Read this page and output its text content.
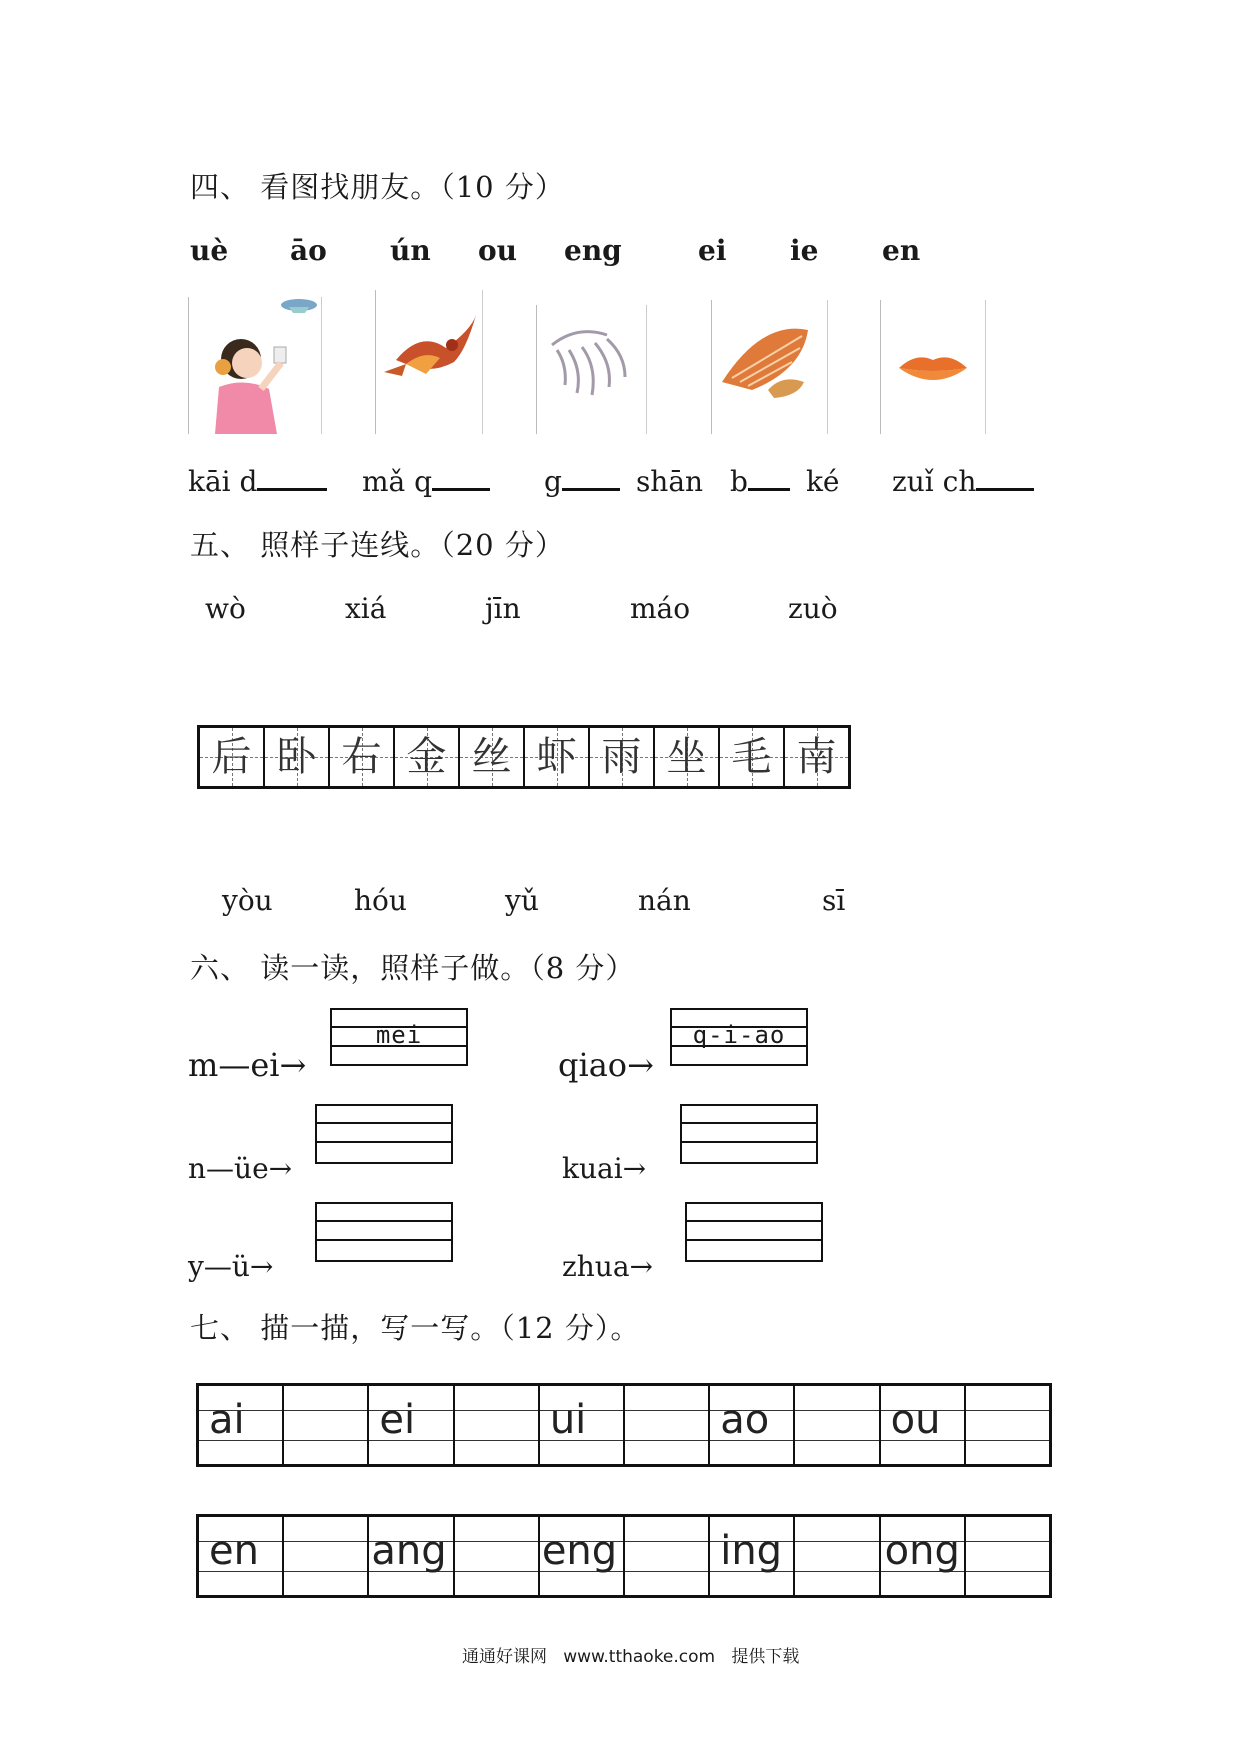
四、 看图找朋友。（10 分）
uè āo ún ou eng	ei ie en
kāi d	mǎ q	g	shān b ké zuǐ ch
五、 照样子连线。（20 分）
wò	xiá	jīn	máo	zuò
后 卧 右 金 丝 虾 雨 坐 毛 南
yòu	hóu	yǔ	nán	sī
六、 读一读，照样子做。（8 分）
m—ei→
mei
qiao→
q-i-ao
n—üe→	kuai→
y—ü→	zhua→
七、 描一描，写一写。（12 分）。
ai	ei	ui	ao	ou
en	ang eng	ing	ong
通通好课网 www.tthaoke.com 提供下载
